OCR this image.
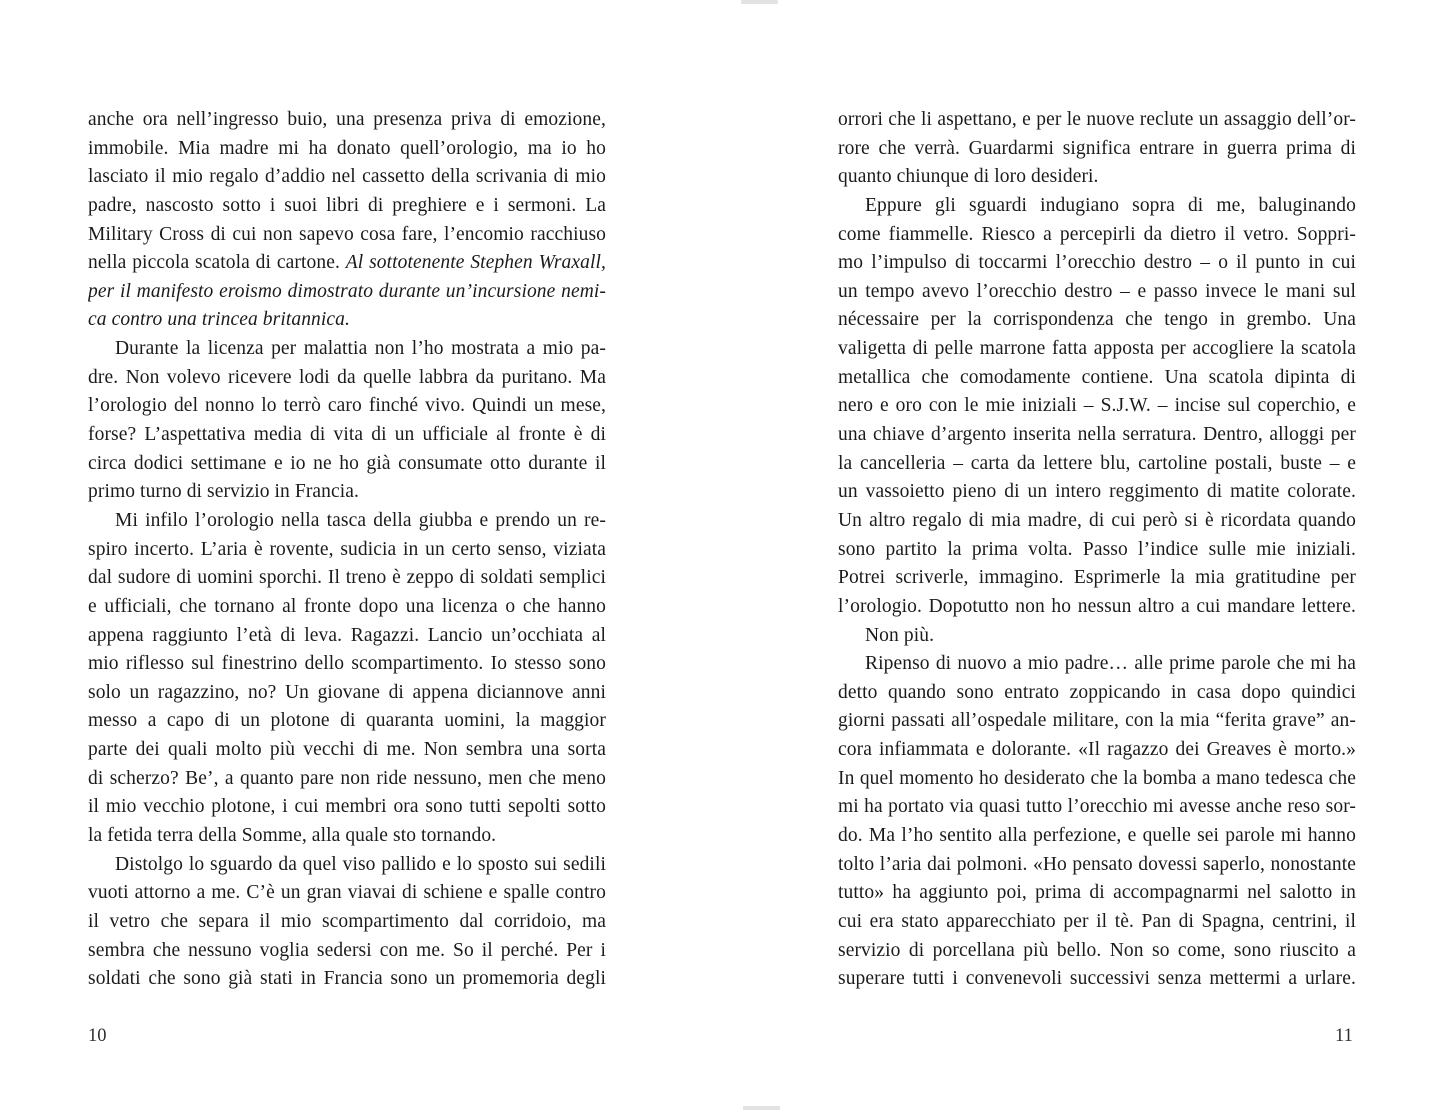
anche ora nell’ingresso buio, una presenza priva di emozione,
immobile. Mia madre mi ha donato quell’orologio, ma io ho
lasciato il mio regalo d’addio nel cassetto della scrivania di mio
padre, nascosto sotto i suoi libri di preghiere e i sermoni. La
Military Cross di cui non sapevo cosa fare, l’encomio racchiuso
nella piccola scatola di cartone. Al sottotenente Stephen Wraxall,
per il manifesto eroismo dimostrato durante un’incursione nemi-
ca contro una trincea britannica.
Durante la licenza per malattia non l’ho mostrata a mio pa-
dre. Non volevo ricevere lodi da quelle labbra da puritano. Ma
l’orologio del nonno lo terrò caro finché vivo. Quindi un mese,
forse? L’aspettativa media di vita di un ufficiale al fronte è di
circa dodici settimane e io ne ho già consumate otto durante il
primo turno di servizio in Francia.
Mi infilo l’orologio nella tasca della giubba e prendo un re-
spiro incerto. L’aria è rovente, sudicia in un certo senso, viziata
dal sudore di uomini sporchi. Il treno è zeppo di soldati semplici
e ufficiali, che tornano al fronte dopo una licenza o che hanno
appena raggiunto l’età di leva. Ragazzi. Lancio un’occhiata al
mio riflesso sul finestrino dello scompartimento. Io stesso sono
solo un ragazzino, no? Un giovane di appena diciannove anni
messo a capo di un plotone di quaranta uomini, la maggior
parte dei quali molto più vecchi di me. Non sembra una sorta
di scherzo? Be’, a quanto pare non ride nessuno, men che meno
il mio vecchio plotone, i cui membri ora sono tutti sepolti sotto
la fetida terra della Somme, alla quale sto tornando.
Distolgo lo sguardo da quel viso pallido e lo sposto sui sedili
vuoti attorno a me. C’è un gran viavai di schiene e spalle contro
il vetro che separa il mio scompartimento dal corridoio, ma
sembra che nessuno voglia sedersi con me. So il perché. Per i
soldati che sono già stati in Francia sono un promemoria degli
orrori che li aspettano, e per le nuove reclute un assaggio dell’or-
rore che verrà. Guardarmi significa entrare in guerra prima di
quanto chiunque di loro desideri.
Eppure gli sguardi indugiano sopra di me, baluginando
come fiammelle. Riesco a percepirli da dietro il vetro. Soppri-
mo l’impulso di toccarmi l’orecchio destro – o il punto in cui
un tempo avevo l’orecchio destro – e passo invece le mani sul
nécessaire per la corrispondenza che tengo in grembo. Una
valigetta di pelle marrone fatta apposta per accogliere la scatola
metallica che comodamente contiene. Una scatola dipinta di
nero e oro con le mie iniziali – S.J.W. – incise sul coperchio, e
una chiave d’argento inserita nella serratura. Dentro, alloggi per
la cancelleria – carta da lettere blu, cartoline postali, buste – e
un vassoietto pieno di un intero reggimento di matite colorate.
Un altro regalo di mia madre, di cui però si è ricordata quando
sono partito la prima volta. Passo l’indice sulle mie iniziali.
Potrei scriverle, immagino. Esprimerle la mia gratitudine per
l’orologio. Dopotutto non ho nessun altro a cui mandare lettere.
Non più.
Ripenso di nuovo a mio padre… alle prime parole che mi ha
detto quando sono entrato zoppicando in casa dopo quindici
giorni passati all’ospedale militare, con la mia “ferita grave” an-
cora infiammata e dolorante. «Il ragazzo dei Greaves è morto.»
In quel momento ho desiderato che la bomba a mano tedesca che
mi ha portato via quasi tutto l’orecchio mi avesse anche reso sor-
do. Ma l’ho sentito alla perfezione, e quelle sei parole mi hanno
tolto l’aria dai polmoni. «Ho pensato dovessi saperlo, nonostante
tutto» ha aggiunto poi, prima di accompagnarmi nel salotto in
cui era stato apparecchiato per il tè. Pan di Spagna, centrini, il
servizio di porcellana più bello. Non so come, sono riuscito a
superare tutti i convenevoli successivi senza mettermi a urlare.
10	11
